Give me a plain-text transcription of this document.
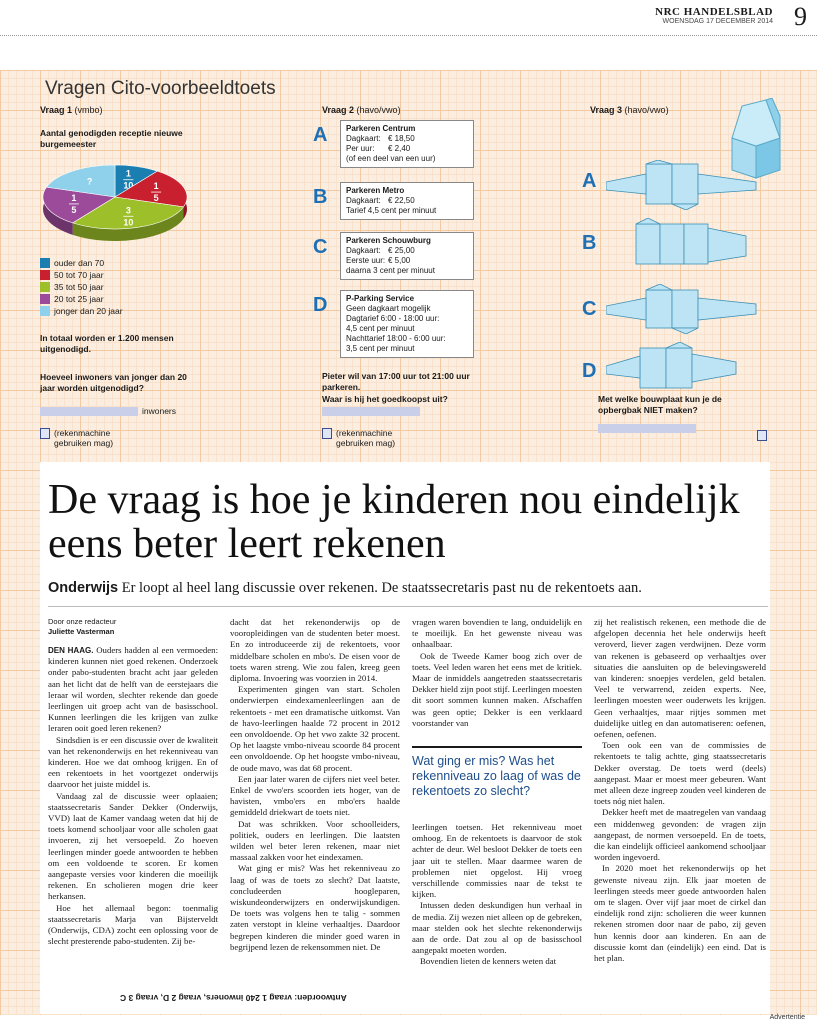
NRC HANDELSBLAD
WOENSDAG 17 DECEMBER 2014 9
Vragen Cito-voorbeeldtoets
Vraag 1 (vmbo)
Aantal genodigden receptie nieuwe burgemeester
1
10 1
5
3
10
1
5
?
ouder dan 70
50 tot 70 jaar
35 tot 50 jaar
20 tot 25 jaar
jonger dan 20 jaar
In totaal worden er 1.200 mensen uitgenodigd.
Hoeveel inwoners van jonger dan 20 jaar worden uitgenodigd?
inwoners
(rekenmachine gebruiken mag)
Vraag 2 (havo/vwo)
A Parkeren Centrum
Dagkaart: € 18,50
Per uur:	€ 2,40
(of een deel van een uur)
B Parkeren Metro
Dagkaart: € 22,50
Tarief 4,5 cent per minuut
C Parkeren Schouwburg
Dagkaart: € 25,00
Eerste uur: € 5,00
daarna 3 cent per minuut
D P-Parking Service
Geen dagkaart mogelijk
Dagtarief 6:00 - 18:00 uur:
4,5 cent per minuut
Nachttarief 18:00 - 6:00 uur:
3,5 cent per minuut
Pieter wil van 17:00 uur tot 21:00 uur parkeren.
Waar is hij het goedkoopst uit?
(rekenmachine gebruiken mag)
Vraag 3 (havo/vwo)
A
B
C
D
Met welke bouwplaat kun je de opbergbak NIET maken?
De vraag is hoe je kinderen nou eindelijk eens beter leert rekenen
Onderwijs Er loopt al heel lang discussie over rekenen. De staatssecretaris past nu de rekentoets aan.
Door onze redacteur
Juliette Vasterman

DEN HAAG. Ouders hadden al een vermoeden: kinderen kunnen niet goed rekenen. Onderzoek onder pabo-studenten bracht acht jaar geleden aan het licht dat de helft van de eerstejaars die leraar wil worden, slechter rekende dan goede leerlingen uit groep acht van de basisschool. Kunnen leerlingen die les krijgen van zulke leraren ooit goed leren rekenen?

Sindsdien is er een discussie over de kwaliteit van het rekenonderwijs en het rekenniveau van kinderen. Hoe we dat omhoog krijgen. En of een rekentoets in het voortgezet onderwijs daarvoor het juiste middel is.

Vandaag zal de discussie weer oplaaien; staatssecretaris Sander Dekker (Onderwijs, VVD) laat de Kamer vandaag weten dat hij de toets komend schooljaar voor alle scholen gaat invoeren, zij het versoepeld. Zo hoeven leerlingen minder goede antwoorden te hebben om een voldoende te scoren. Er komen aangepaste versies voor kinderen die moeilijk rekenen. En scholieren mogen drie keer herkansen.

Hoe het allemaal begon: toenmalig staatssecretaris Marja van Bijsterveldt (Onderwijs, CDA) zocht een oplossing voor de slecht presterende pabo-studenten. Zij be-

dacht dat het rekenonderwijs op de vooropleidingen van de studenten beter moest. En zo introduceerde zij de rekentoets, voor middelbare scholen en mbo's. De eisen voor de toets waren streng. Wie zou falen, kreeg geen diploma. Invoering was voorzien in 2014.

Experimenten gingen van start. Scholen onderwierpen eindexamenleerlingen aan de rekentoets - met een dramatische uitkomst. Van de havo-leerlingen haalde 72 procent in 2012 een onvoldoende. Op het vwo zakte 32 procent. Op het laagste vmbo-niveau scoorde 84 procent een onvoldoende. Op het hoogste vmbo-niveau, de oude mavo, was dat 68 procent.

Een jaar later waren de cijfers niet veel beter. Enkel de vwo'ers scoorden iets hoger, van de havisten, vmbo'ers en mbo'ers haalde gemiddeld driekwart de toets niet.

Dat was schrikken. Voor schoolleiders, politiek, ouders en leerlingen. Die laatsten wilden wel beter leren rekenen, maar niet massaal zakken voor het eindexamen.

Wat ging er mis? Was het rekenniveau zo laag of was de toets zo slecht? Dat laatste, concludeerden hooglераren, wiskundeonderwijzers en onderwijskundigen. De toets was volgens hen te talig - sommen zaten verstopt in kleine verhaaltjes. Daardoor begrepen kinderen die minder goed waren in begrijpend lezen de rekensommen niet. De

vragen waren bovendien te lang, onduidelijk en te moeilijk. En het gewenste niveau was onhaalbaar.

Ook de Tweede Kamer boog zich over de toets. Veel leden waren het eens met de kritiek. Maar de inmiddels aangetreden staatssecretaris Dekker hield zijn poot stijf. Leerlingen moesten dit soort sommen kunnen maken. Afschaffen was geen optie; Dekker is een verklaard voorstander van

Wat ging er mis? Was het rekenniveau zo laag of was de rekentoets zo slecht?

leerlingen toetsen. Het rekenniveau moet omhoog. En de rekentoets is daarvoor de stok achter de deur. Wel besloot Dekker de toets een jaar uit te stellen. Maar daarmee waren de problemen niet opgelost. Hij vroeg verschillende commissies naar de tekst te kijken.

Intussen deden deskundigen hun verhaal in de media. Zij wezen niet alleen op de gebreken, maar stelden ook het slechte rekenonderwijs aan de orde. Dat zou al op de basisschool aangepakt moeten worden.

Bovendien lieten de kenners weten dat

zij het realistisch rekenen, een methode die de afgelopen decennia het hele onderwijs heeft veroverd, liever zagen verdwijnen. Deze vorm van rekenen is gebaseerd op verhaaltjes over situaties die aansluiten op de belevingswereld van kinderen: snoepjes verdelen, geld betalen. Veel te verwarrend, zeiden experts. Nee, leerlingen moesten weer ouderwets les krijgen. Geen verhaaltjes, maar rijtjes sommen met duidelijke uitleg en dan automatiseren: oefenen, oefenen, oefenen.

Toen ook een van de commissies de rekentoets te talig achtte, ging staatssecretaris Dekker overstag. De toets werd (deels) aangepast. Maar er moest meer gebeuren. Want met alleen deze ingreep zouden veel kinderen de toets nóg niet halen.

Dekker heeft met de maatregelen van vandaag een middenweg gevonden: de vragen zijn aangepast, de normen versoepeld. En de toets, die kan eindelijk officieel aankomend schooljaar worden ingevoerd.

In 2020 moet het rekenonderwijs op het gewenste niveau zijn. Elk jaar moeten de leerlingen steeds meer goede antwoorden halen om te slagen. Over vijf jaar moet de cirkel dan eindelijk rond zijn: scholieren die weer kunnen rekenen stromen door naar de pabo, zij geven hun kennis door aan kinderen. En aan de discussie komt dan (eindelijk) een eind. Dat is het plan.

Antwoorden: vraag 1 240 inwoners, vraag 2 D, vraag 3 C
Advertentie
